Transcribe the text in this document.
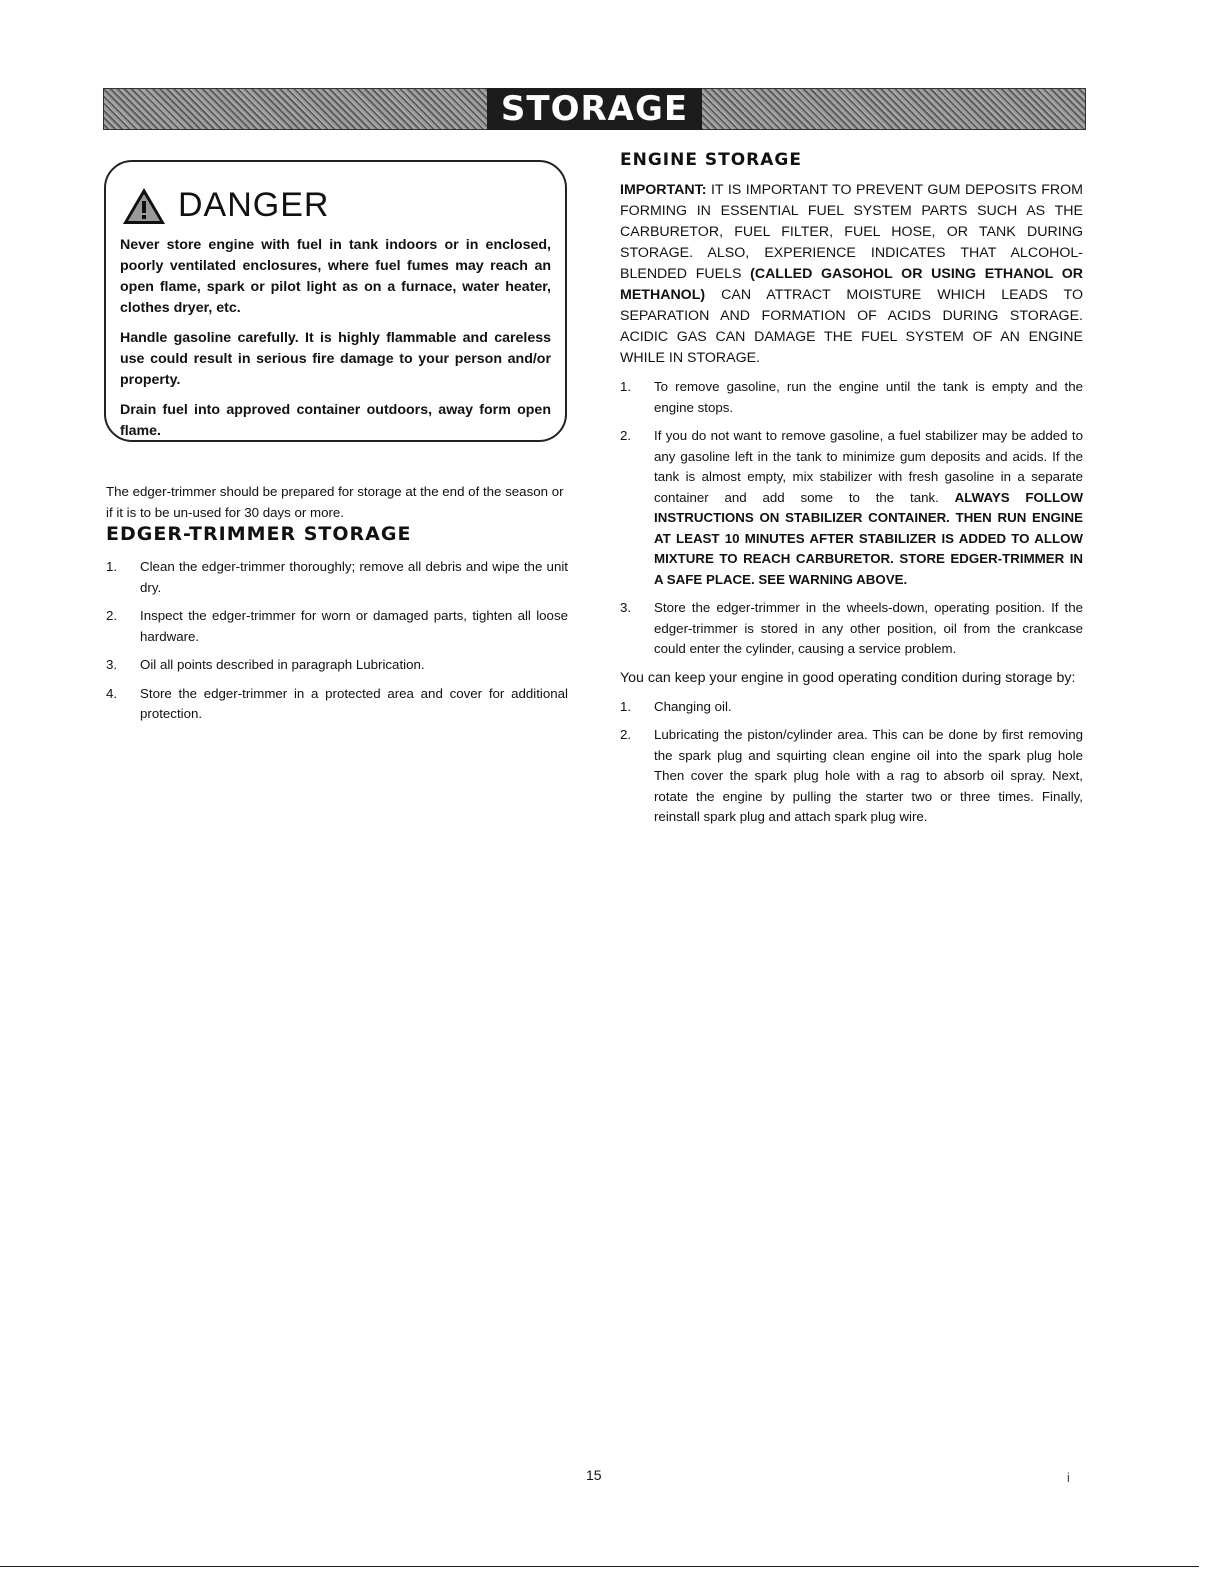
STORAGE
DANGER

Never store engine with fuel in tank indoors or in enclosed, poorly ventilated enclosures, where fuel fumes may reach an open flame, spark or pilot light as on a furnace, water heater, clothes dryer, etc.

Handle gasoline carefully. It is highly flammable and careless use could result in serious fire damage to your person and/or property.

Drain fuel into approved container outdoors, away form open flame.

The edger-trimmer should be prepared for storage at the end of the season or if it is to be un-used for 30 days or more.

EDGER-TRIMMER STORAGE
1.	Clean the edger-trimmer thoroughly; remove all debris and wipe the unit dry.
2.	Inspect the edger-trimmer for worn or damaged parts, tighten all loose hardware.
3.	Oil all points described in paragraph Lubrication.
4.	Store the edger-trimmer in a protected area and cover for additional protection.
ENGINE STORAGE

IMPORTANT: IT IS IMPORTANT TO PREVENT GUM DEPOSITS FROM FORMING IN ESSENTIAL FUEL SYSTEM PARTS SUCH AS THE CARBURETOR, FUEL FILTER, FUEL HOSE, OR TANK DURING STORAGE. ALSO, EXPERIENCE INDICATES THAT ALCOHOL-BLENDED FUELS (CALLED GASOHOL OR USING ETHANOL OR METHANOL) CAN ATTRACT MOISTURE WHICH LEADS TO SEPARATION AND FORMATION OF ACIDS DURING STORAGE. ACIDIC GAS CAN DAMAGE THE FUEL SYSTEM OF AN ENGINE WHILE IN STORAGE.

1.	To remove gasoline, run the engine until the tank is empty and the engine stops.
2.	If you do not want to remove gasoline, a fuel stabilizer may be added to any gasoline left in the tank to minimize gum deposits and acids. If the tank is almost empty, mix stabilizer with fresh gasoline in a separate container and add some to the tank. ALWAYS FOLLOW INSTRUCTIONS ON STABILIZER CONTAINER. THEN RUN ENGINE AT LEAST 10 MINUTES AFTER STABILIZER IS ADDED TO ALLOW MIXTURE TO REACH CARBURETOR. STORE EDGER-TRIMMER IN A SAFE PLACE. SEE WARNING ABOVE.
3.	Store the edger-trimmer in the wheels-down, operating position. If the edger-trimmer is stored in any other position, oil from the crankcase could enter the cylinder, causing a service problem.

You can keep your engine in good operating condition during storage by:

1.	Changing oil.
2.	Lubricating the piston/cylinder area. This can be done by first removing the spark plug and squirting clean engine oil into the spark plug hole Then cover the spark plug hole with a rag to absorb oil spray. Next, rotate the engine by pulling the starter two or three times. Finally, reinstall spark plug and attach spark plug wire.
15	i
